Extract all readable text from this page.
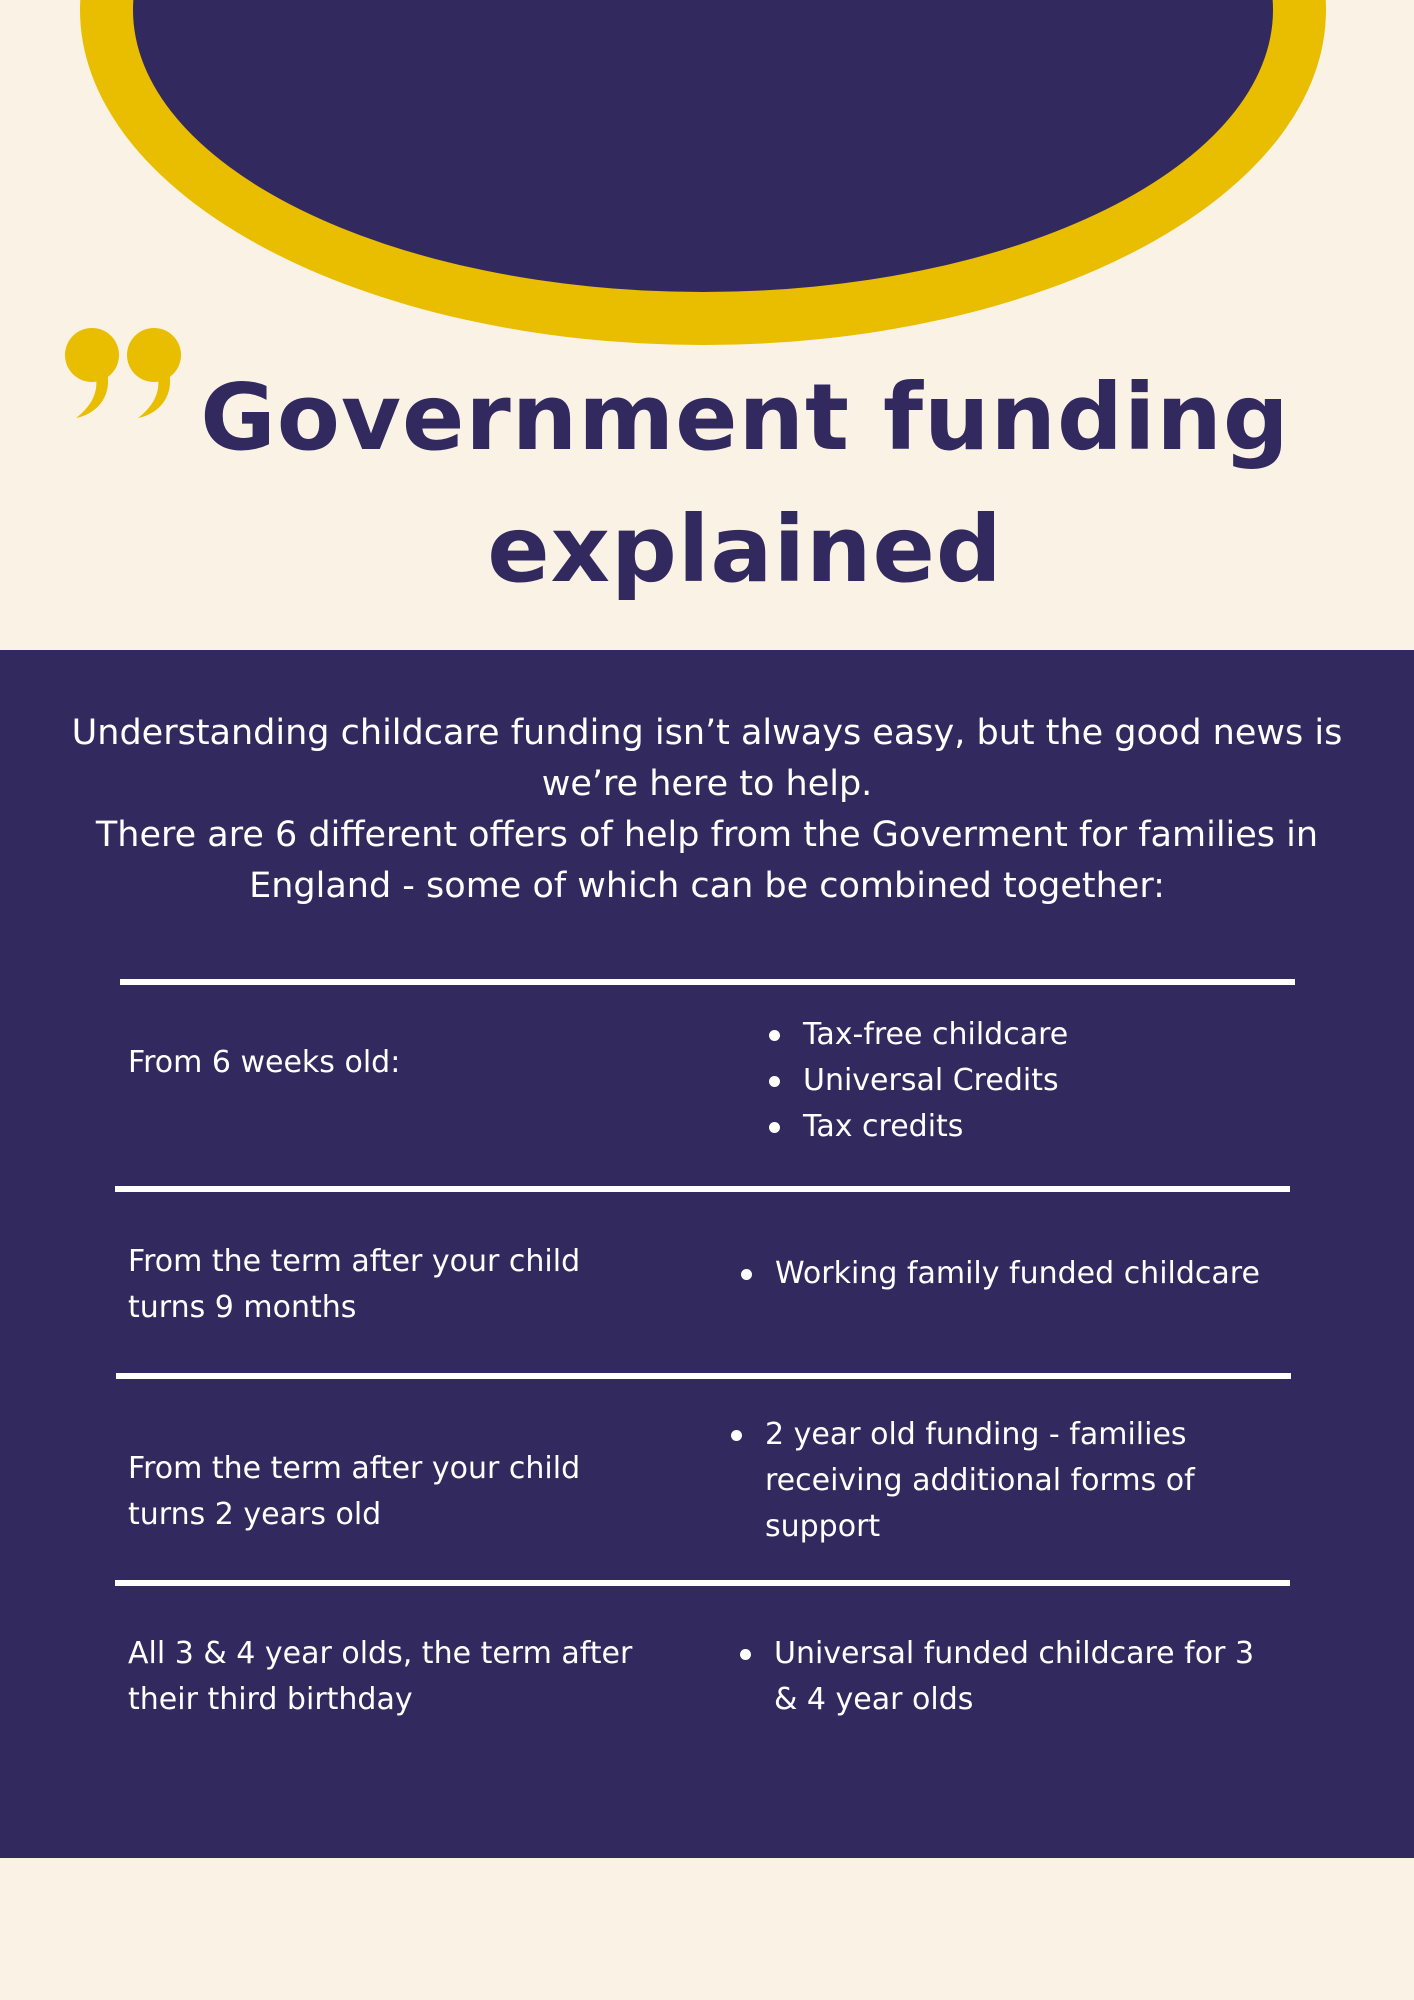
Government funding explained

Understanding childcare funding isn’t always easy, but the good news is we’re here to help.

There are 6 different offers of help from the Goverment for families in England - some of which can be combined together:

From 6 weeks old:

Tax-free childcare
Universal Credits
Tax credits

From the term after your child turns 9 months

Working family funded childcare

From the term after your child turns 2 years old

2 year old funding - families receiving additional forms of support

All 3 & 4 year olds, the term after their third birthday

Universal funded childcare for 3 & 4 year olds
